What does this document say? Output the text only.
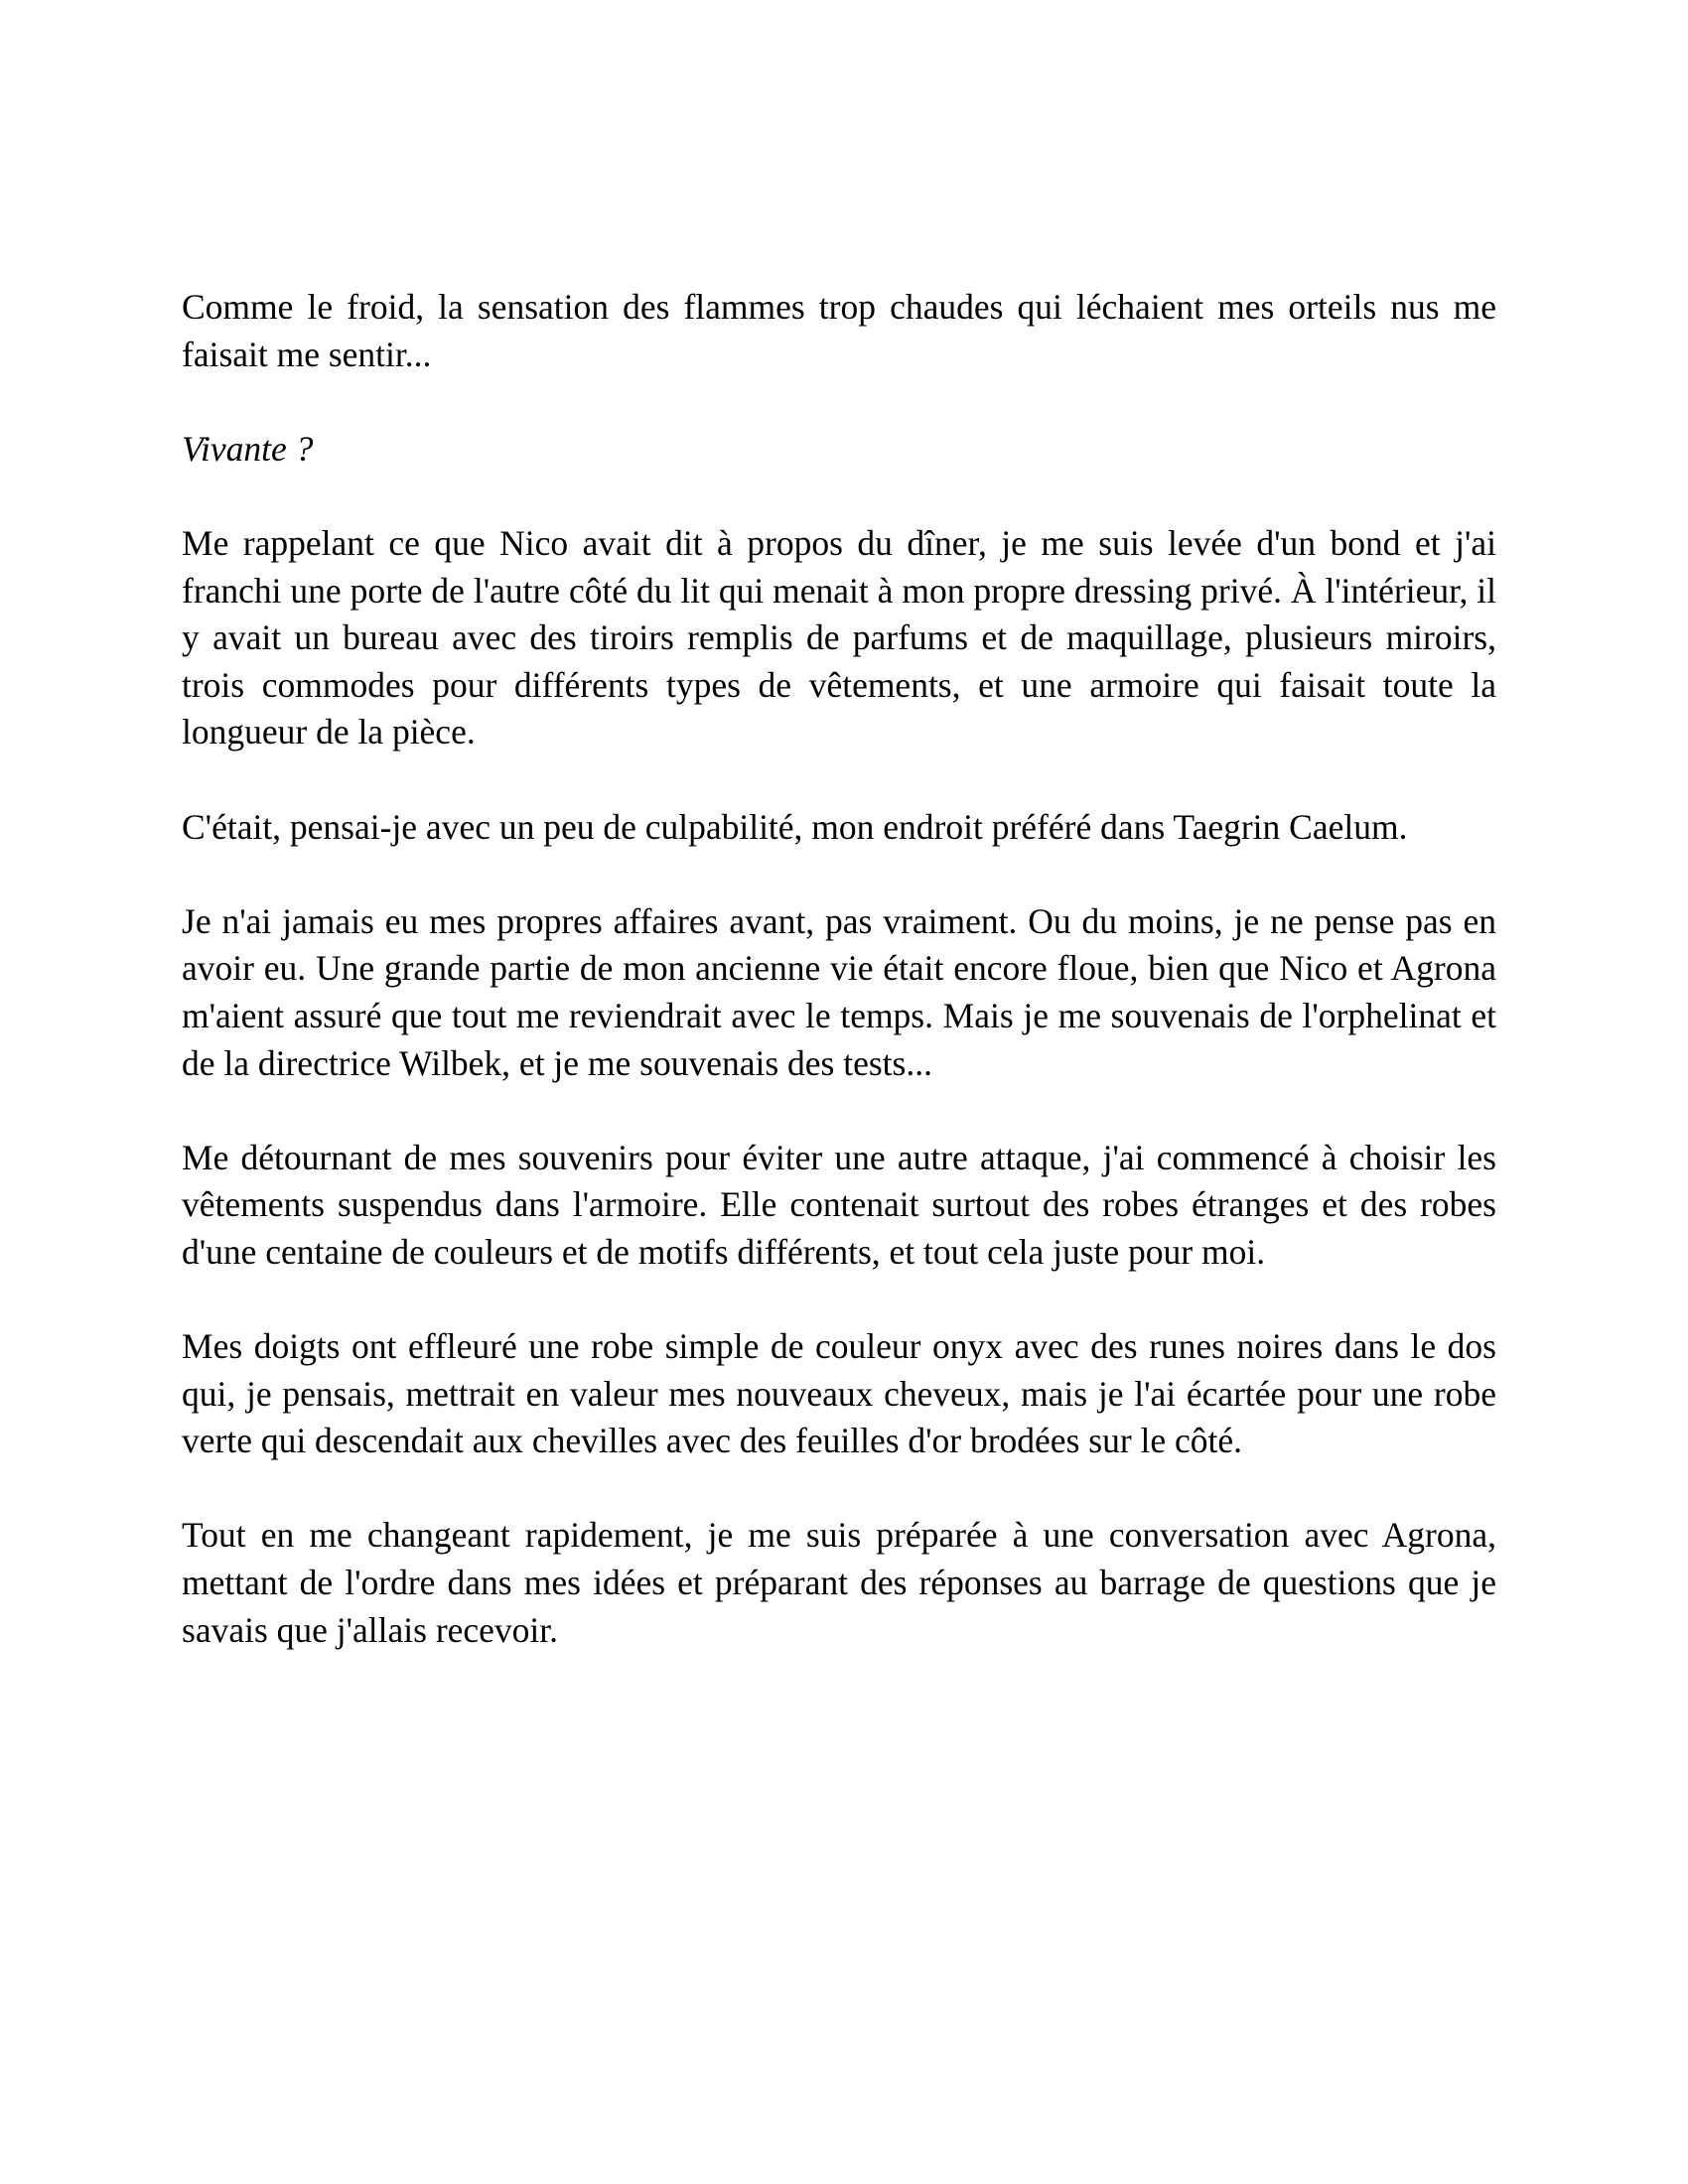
Comme le froid, la sensation des flammes trop chaudes qui léchaient mes orteils nus me faisait me sentir...

Vivante ?

Me rappelant ce que Nico avait dit à propos du dîner, je me suis levée d'un bond et j'ai franchi une porte de l'autre côté du lit qui menait à mon propre dressing privé. À l'intérieur, il y avait un bureau avec des tiroirs remplis de parfums et de maquillage, plusieurs miroirs, trois commodes pour différents types de vêtements, et une armoire qui faisait toute la longueur de la pièce.

C'était, pensai-je avec un peu de culpabilité, mon endroit préféré dans Taegrin Caelum.

Je n'ai jamais eu mes propres affaires avant, pas vraiment. Ou du moins, je ne pense pas en avoir eu. Une grande partie de mon ancienne vie était encore floue, bien que Nico et Agrona m'aient assuré que tout me reviendrait avec le temps. Mais je me souvenais de l'orphelinat et de la directrice Wilbek, et je me souvenais des tests...

Me détournant de mes souvenirs pour éviter une autre attaque, j'ai commencé à choisir les vêtements suspendus dans l'armoire. Elle contenait surtout des robes étranges et des robes d'une centaine de couleurs et de motifs différents, et tout cela juste pour moi.

Mes doigts ont effleuré une robe simple de couleur onyx avec des runes noires dans le dos qui, je pensais, mettrait en valeur mes nouveaux cheveux, mais je l'ai écartée pour une robe verte qui descendait aux chevilles avec des feuilles d'or brodées sur le côté.

Tout en me changeant rapidement, je me suis préparée à une conversation avec Agrona, mettant de l'ordre dans mes idées et préparant des réponses au barrage de questions que je savais que j'allais recevoir.
